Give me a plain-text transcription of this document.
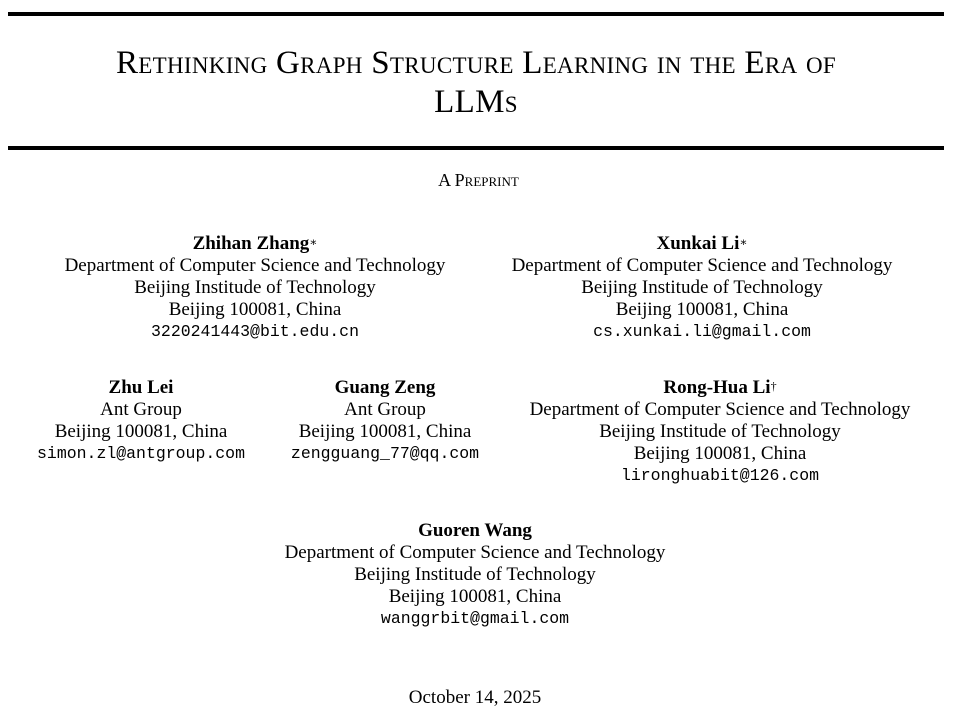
Rethinking Graph Structure Learning in the Era of
LLMs
A Preprint
Zhihan Zhang∗
Department of Computer Science and Technology
Beijing Institude of Technology
Beijing 100081, China
3220241443@bit.edu.cn
Xunkai Li∗
Department of Computer Science and Technology
Beijing Institude of Technology
Beijing 100081, China
cs.xunkai.li@gmail.com
Zhu Lei
Ant Group
Beijing 100081, China
simon.zl@antgroup.com
Guang Zeng
Ant Group
Beijing 100081, China
zengguang_77@qq.com
Rong-Hua Li†
Department of Computer Science and Technology
Beijing Institude of Technology
Beijing 100081, China
lironghuabit@126.com
Guoren Wang
Department of Computer Science and Technology
Beijing Institude of Technology
Beijing 100081, China
wanggrbit@gmail.com
October 14, 2025
